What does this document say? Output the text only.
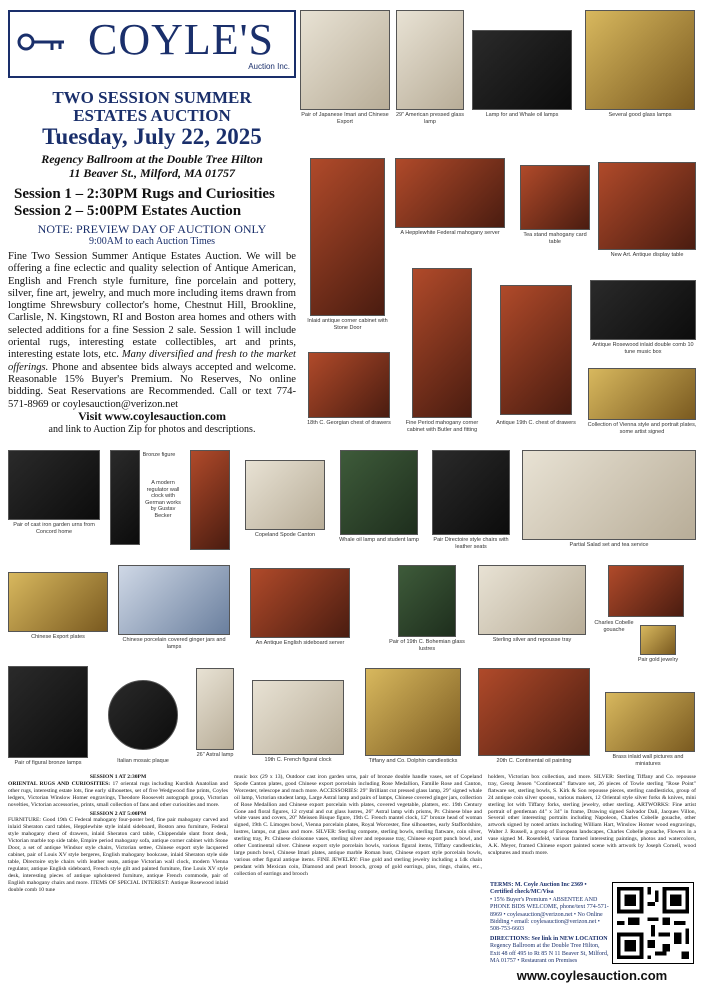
COYLE'S
Auction Inc.
TWO SESSION SUMMER
ESTATES AUCTION
Tuesday, July 22, 2025
Regency Ballroom at the Double Tree Hilton
11 Beaver St., Milford, MA 01757
Session 1 – 2:30PM Rugs and Curiosities
Session 2 – 5:00PM Estates Auction
NOTE: PREVIEW DAY OF AUCTION ONLY
9:00AM to each Auction Times
Fine Two Session Summer Antique Estates Auction. We will be offering a fine eclectic and quality selection of Antique American, English and French style furniture, fine porcelain and pottery, silver, fine art, jewelry, and much more including items drawn from longtime Shrewsbury collector's home, Chestnut Hill, Brookline, Carlisle, N. Kingstown, RI and Boston area homes and others with selected additions for a fine Session 2 sale. Session 1 will include oriental rugs, interesting estate collectibles, art and prints, interesting estate lots, etc. Many diversified and fresh to the market offerings. Phone and absentee bids always accepted and welcome. Reasonable 15% Buyer's Premium. No Reserves, No online bidding. Seat Reservations are Recommended. Call or text 774-571-8969 or coylesauction@verizon.net
Visit www.coylesauction.com
and link to Auction Zip for photos and descriptions.
Pair of Japanese Imari and Chinese Export
29" American pressed glass lamp
Lamp for and Whale oil lamps	Several good glass lamps
A Hepplewhite Federal mahogany server	Tea stand mahogany card table
New Art. Antique display table
Inlaid antique corner cabinet with Stone Door
Antique Rosewood inlaid double comb 10 tune music box
18th C. Georgian chest of drawers	Fine Period mahogany corner cabinet with Butler and fitting
Antique 19th C. chest of drawers	Collection of Vienna style and portrait plates, some artist signed
Pair of cast iron garden urns from Concord home
Bronze figure
A modern regulator wall clock with German works by Gustav Becker
Copeland Spode Canton
Whale oil lamp and student lamp	Pair Directoire style chairs with leather seats	Partial Salad set and tea service
Chinese Export plates	Chinese porcelain covered ginger jars and lamps
An Antique English sideboard server	Pair of 19th C. Bohemian glass lustres
Sterling silver and repousse tray
Charles Cobelle gouache
Pair gold jewelry
Pair of figural bronze lamps	Italian mosaic plaque
26" Astral lamp
19th C. French figural clock	Tiffany and Co. Dolphin candlesticks	20th C. Continental oil painting
Brass inlaid wall pictures and miniatures
SESSION 1 AT 2:30PM
ORIENTAL RUGS AND CURIOSITIES: 17 oriental rugs including Kurdish Anatolian and other rugs, interesting estate lots, fine early silhouettes, set of five Wedgwood fine prints, Coyles ledgers, Victorian Winslow Homer engravings, Theodore Roosevelt autograph group, Victorian novelties, Victorian accessories, prints, small collection of fans and other curiosities and more.
SESSION 2 AT 5:00PM
FURNITURE: Good 19th C Federal mahogany four-poster bed, fine pair mahogany carved and inlaid Sheraton card tables, Hepplewhite style inlaid sideboard, Boston area furniture, Federal style mahogany chest of drawers, inlaid Sheraton card table, Chippendale slant front desk, Victorian marble top side table, Empire period mahogany sofa, antique corner cabinet with Stone Door, a set of antique Windsor style chairs, Victorian settee, Chinese export style lacquered cabinet, pair of Louis XV style bergeres, English mahogany bookcase, inlaid Sheraton style side table, Directoire style chairs with leather seats, antique Victorian wall clock, modern Vienna regulator, antique English sideboard, French style gilt and painted furniture, fine Louis XV style desk, interesting pieces of antique upholstered furniture, antique French commode, pair of English mahogany chairs and more. ITEMS OF SPECIAL INTEREST: Antique Rosewood inlaid double comb 10 tune
music box (29 x 13), Outdoor cast iron garden urns, pair of bronze double handle vases, set of Copeland Spode Canton plates, good Chinese export porcelain including Rose Medallion, Famille Rose and Canton, Worcester, telescope and much more. ACCESSORIES: 29" Brilliant cut pressed glass lamp, 29" signed whale oil lamp, Victorian student lamp, Large Astral lamp and pairs of lamps, Chinese covered ginger jars, collection of Rose Medallion and Chinese export porcelain with plates, covered vegetable, platters, etc. 19th Century Gone and floral figures, 12 crystal and cut glass lustres, 26" Astral lamp with prisms, Pr. Chinese blue and white vases and covers, 20" Meissen Bisque figure, 19th C. French mantel clock, 12" bronze head of woman signed, 19th C. Limoges bowl, Vienna porcelain plates, Royal Worcester, fine silhouettes, early Staffordshire, lustres, lamps, cut glass and more. SILVER: Sterling compote, sterling bowls, sterling flatware, coin silver, sterling tray, Pr. Chinese cloisonne vases, sterling silver and repousse tray, Chinese export punch bowl, and other Continental silver. Chinese export style porcelain bowls, various figural items, Tiffany candlesticks, large punch bowl, Chinese Imari plates, antique marble Roman bust, Chinese export style porcelain bowls, various other figural antique items. FINE JEWELRY: Fine gold and sterling jewelry including a 14k chain pendant with Mexican coin, Diamond and pearl brooch, group of gold earrings, pins, rings, chains, etc., collection of earrings and brooch
holders, Victorian box collection, and more. SILVER: Sterling Tiffany and Co. repousse tray, Georg Jensen "Continental" flatware set, 26 pieces of Towle sterling "Rose Point" flatware set, sterling bowls, S. Kirk & Son repousse pieces, sterling candlesticks, group of 24 antique coin silver spoons, various makers, 12 Oriental style silver forks & knives, mini sterling lot with Tiffany forks, sterling jewelry, other sterling. ARTWORKS: Fine artist portrait of gentleman 44" x 34" in frame, Drawing signed Salvador Dali, Jacques Villon, Several other interesting portraits including Napoleon, Charles Cobelle gouache, other artwork signed by noted artists including William Hart, Winslow Homer wood engravings, Walter J. Russell, a group of European landscapes, Charles Cobelle gouache, Flowers in a vase signed M. Rosenfeld, various framed interesting paintings, photos and watercolors, A.K. Meyer, framed Chinese export painted scene with artwork by Joseph Cornell, wood sculptures and much more.
TERMS: M. Coyle Auction Inc 2369 • Certified check/MC/Visa
• 15% Buyer's Premium • ABSENTEE AND PHONE BIDS WELCOME, phone/text 774-571-8969 • coylesauction@verizon.net • No Online Bidding • email: coylesauction@verizon.net • 508-753-6603
DIRECTIONS: See link in NEW LOCATION
Regency Ballroom at the Double Tree Hilton, Exit 48 off 495 to Rt 85 N 11 Beaver St, Milford, MA 01757 • Restaurant on Premises
www.coylesauction.com
